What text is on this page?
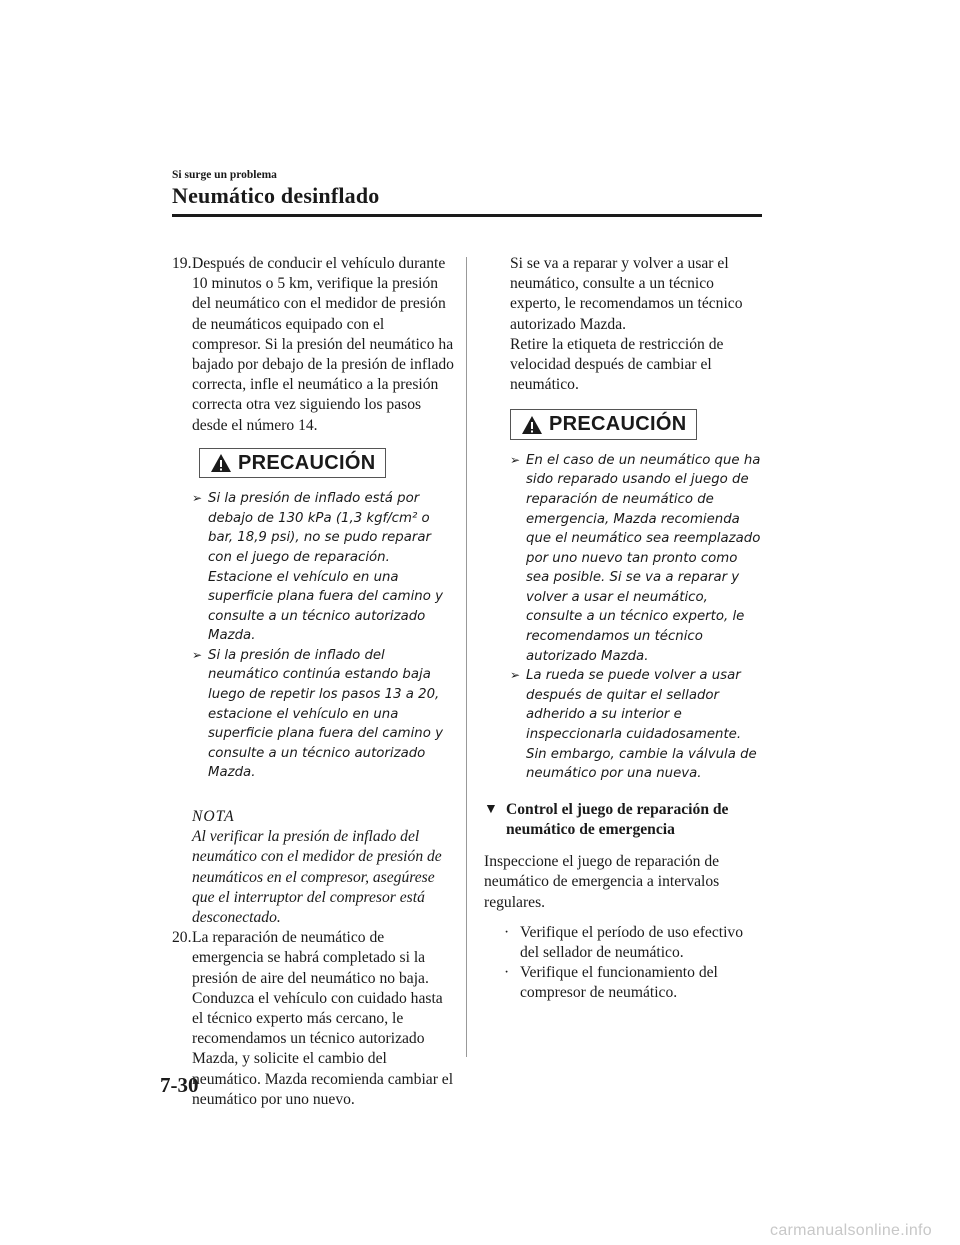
Si surge un problema
Neumático desinflado

19.Después de conducir el vehículo durante 10 minutos o 5 km, verifique la presión del neumático con el medidor de presión de neumáticos equipado con el compresor. Si la presión del neumático ha bajado por debajo de la presión de inflado correcta, infle el neumático a la presión correcta otra vez siguiendo los pasos desde el número 14.

PRECAUCIÓN
➢ Si la presión de inflado está por debajo de 130 kPa (1,3 kgf/cm² o bar, 18,9 psi), no se pudo reparar con el juego de reparación. Estacione el vehículo en una superficie plana fuera del camino y consulte a un técnico autorizado Mazda.
➢ Si la presión de inflado del neumático continúa estando baja luego de repetir los pasos 13 a 20, estacione el vehículo en una superficie plana fuera del camino y consulte a un técnico autorizado Mazda.
NOTA
Al verificar la presión de inflado del neumático con el medidor de presión de neumáticos en el compresor, asegúrese que el interruptor del compresor está desconectado.

20.La reparación de neumático de emergencia se habrá completado si la presión de aire del neumático no baja. Conduzca el vehículo con cuidado hasta el técnico experto más cercano, le recomendamos un técnico autorizado Mazda, y solicite el cambio del neumático. Mazda recomienda cambiar el neumático por uno nuevo.

Si se va a reparar y volver a usar el neumático, consulte a un técnico experto, le recomendamos un técnico autorizado Mazda.
Retire la etiqueta de restricción de velocidad después de cambiar el neumático.
PRECAUCIÓN
➢ En el caso de un neumático que ha sido reparado usando el juego de reparación de neumático de emergencia, Mazda recomienda que el neumático sea reemplazado por uno nuevo tan pronto como sea posible. Si se va a reparar y volver a usar el neumático, consulte a un técnico experto, le recomendamos un técnico autorizado Mazda.
➢ La rueda se puede volver a usar después de quitar el sellador adherido a su interior e inspeccionarla cuidadosamente. Sin embargo, cambie la válvula de neumático por una nueva.
▼ Control el juego de reparación de neumático de emergencia
Inspeccione el juego de reparación de neumático de emergencia a intervalos regulares.
· Verifique el período de uso efectivo del sellador de neumático.
· Verifique el funcionamiento del compresor de neumático.
7-30
carmanualsonline.info
